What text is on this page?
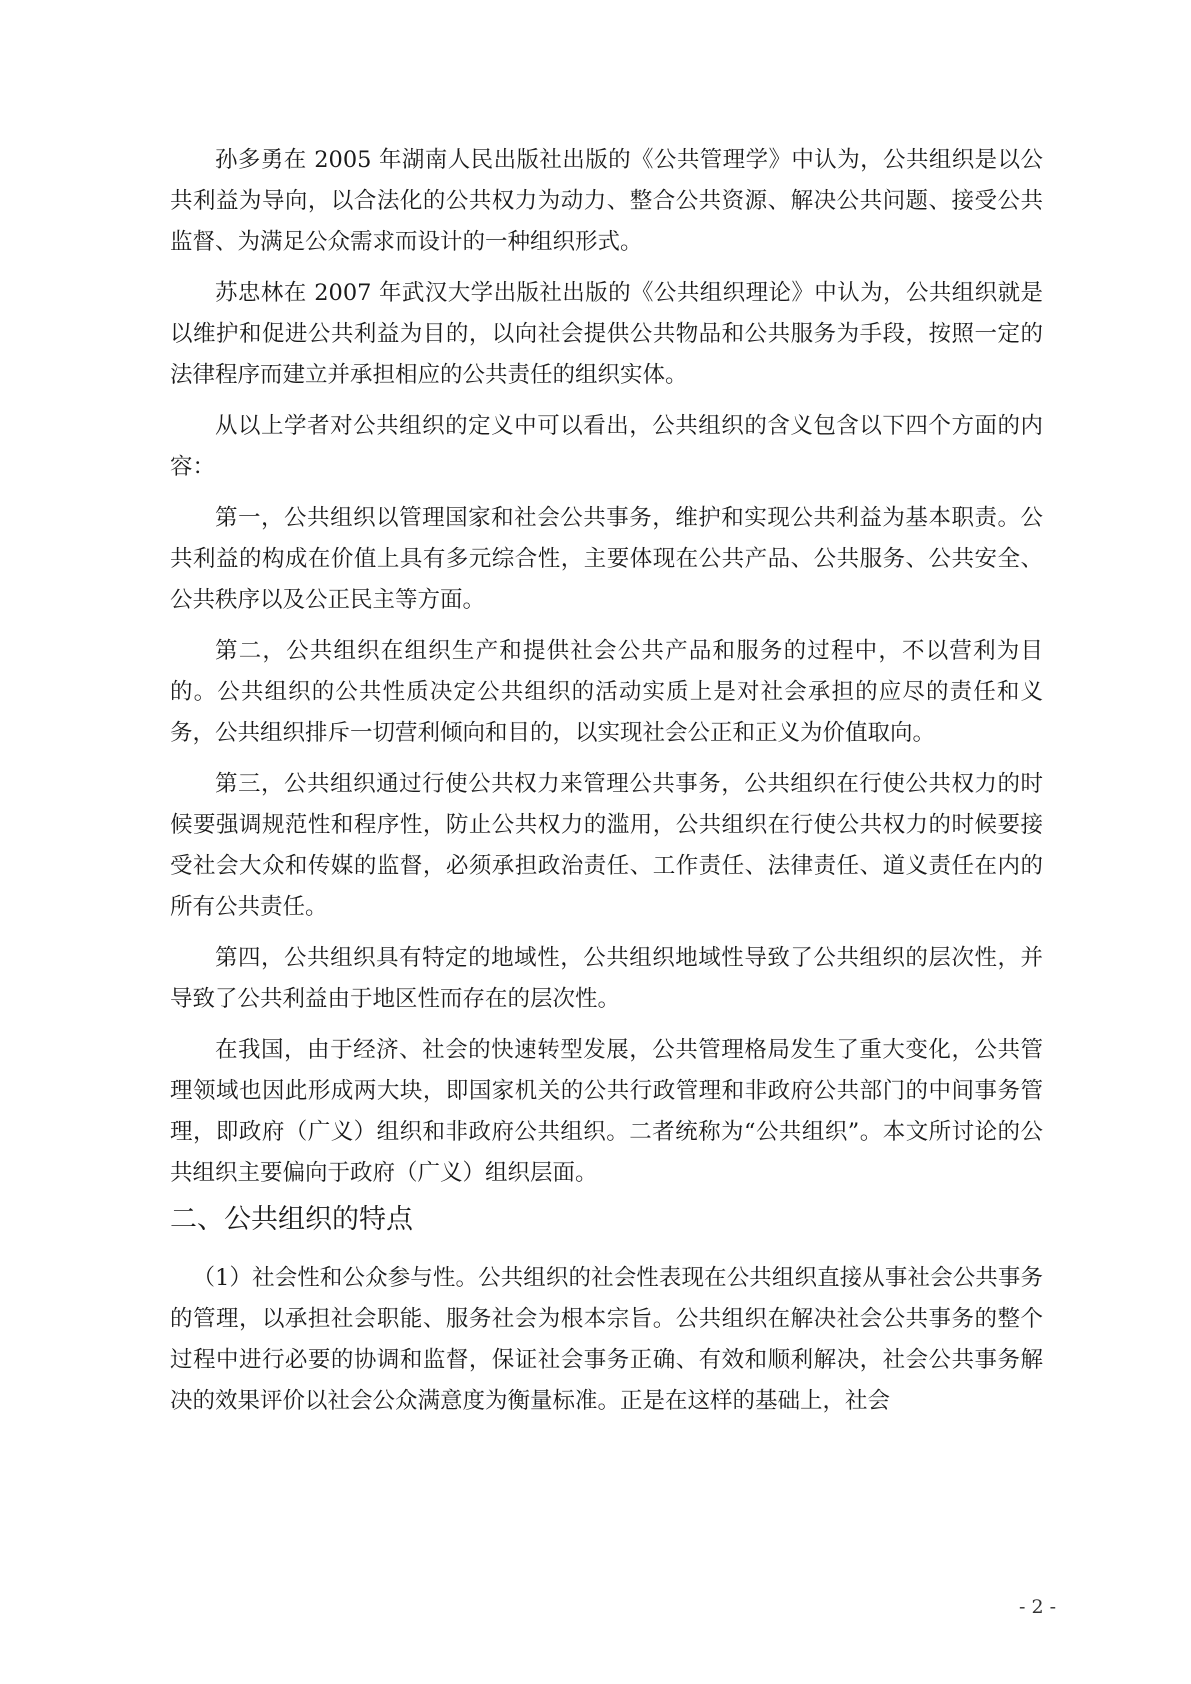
孙多勇在 2005 年湖南人民出版社出版的《公共管理学》中认为，公共组织是以公共利益为导向，以合法化的公共权力为动力、整合公共资源、解决公共问题、接受公共监督、为满足公众需求而设计的一种组织形式。

苏忠林在 2007 年武汉大学出版社出版的《公共组织理论》中认为，公共组织就是以维护和促进公共利益为目的，以向社会提供公共物品和公共服务为手段，按照一定的法律程序而建立并承担相应的公共责任的组织实体。

从以上学者对公共组织的定义中可以看出，公共组织的含义包含以下四个方面的内容：

第一，公共组织以管理国家和社会公共事务，维护和实现公共利益为基本职责。公共利益的构成在价值上具有多元综合性，主要体现在公共产品、公共服务、公共安全、公共秩序以及公正民主等方面。

第二，公共组织在组织生产和提供社会公共产品和服务的过程中，不以营利为目的。公共组织的公共性质决定公共组织的活动实质上是对社会承担的应尽的责任和义务，公共组织排斥一切营利倾向和目的，以实现社会公正和正义为价值取向。

第三，公共组织通过行使公共权力来管理公共事务，公共组织在行使公共权力的时候要强调规范性和程序性，防止公共权力的滥用，公共组织在行使公共权力的时候要接受社会大众和传媒的监督，必须承担政治责任、工作责任、法律责任、道义责任在内的所有公共责任。

第四，公共组织具有特定的地域性，公共组织地域性导致了公共组织的层次性，并导致了公共利益由于地区性而存在的层次性。

在我国，由于经济、社会的快速转型发展，公共管理格局发生了重大变化，公共管理领域也因此形成两大块，即国家机关的公共行政管理和非政府公共部门的中间事务管理，即政府（广义）组织和非政府公共组织。二者统称为“公共组织”。本文所讨论的公共组织主要偏向于政府（广义）组织层面。

二、公共组织的特点

（1）社会性和公众参与性。公共组织的社会性表现在公共组织直接从事社会公共事务的管理，以承担社会职能、服务社会为根本宗旨。公共组织在解决社会公共事务的整个过程中进行必要的协调和监督，保证社会事务正确、有效和顺利解决，社会公共事务解决的效果评价以社会公众满意度为衡量标准。正是在这样的基础上，社会

- 2 -
